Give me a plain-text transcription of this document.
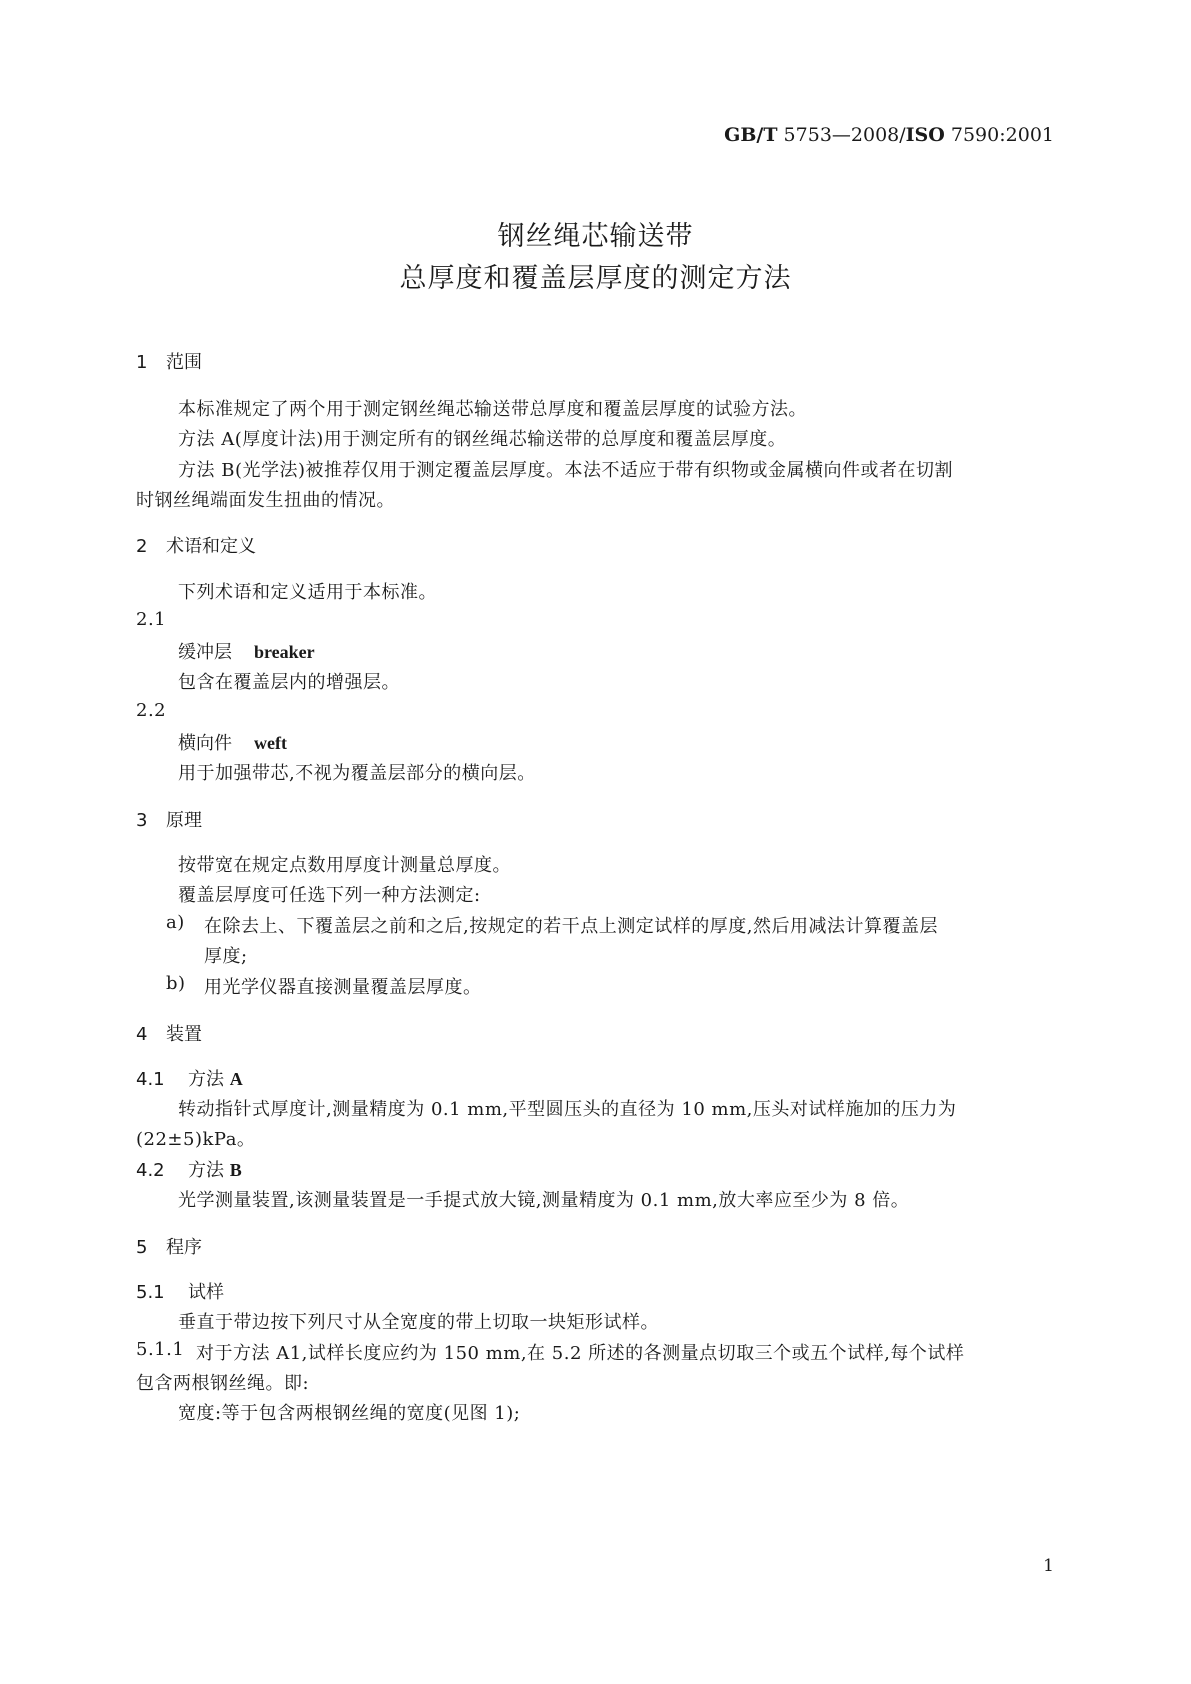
GB/T 5753—2008/ISO 7590:2001
钢丝绳芯输送带
总厚度和覆盖层厚度的测定方法
1 范围
本标准规定了两个用于测定钢丝绳芯输送带总厚度和覆盖层厚度的试验方法。
方法 A(厚度计法)用于测定所有的钢丝绳芯输送带的总厚度和覆盖层厚度。
方法 B(光学法)被推荐仅用于测定覆盖层厚度。本法不适应于带有织物或金属横向件或者在切割
时钢丝绳端面发生扭曲的情况。
2 术语和定义
下列术语和定义适用于本标准。
2.1
缓冲层 breaker
包含在覆盖层内的增强层。
2.2
横向件 weft
用于加强带芯,不视为覆盖层部分的横向层。
3 原理
按带宽在规定点数用厚度计测量总厚度。
覆盖层厚度可任选下列一种方法测定:
a) 在除去上、下覆盖层之前和之后,按规定的若干点上测定试样的厚度,然后用减法计算覆盖层
厚度;
b) 用光学仪器直接测量覆盖层厚度。
4 装置
4.1 方法 A
转动指针式厚度计,测量精度为 0.1 mm,平型圆压头的直径为 10 mm,压头对试样施加的压力为
(22±5)kPa。
4.2 方法 B
光学测量装置,该测量装置是一手提式放大镜,测量精度为 0.1 mm,放大率应至少为 8 倍。
5 程序
5.1 试样
垂直于带边按下列尺寸从全宽度的带上切取一块矩形试样。
5.1.1 对于方法 A1,试样长度应约为 150 mm,在 5.2 所述的各测量点切取三个或五个试样,每个试样
包含两根钢丝绳。即:
宽度:等于包含两根钢丝绳的宽度(见图 1);
1
